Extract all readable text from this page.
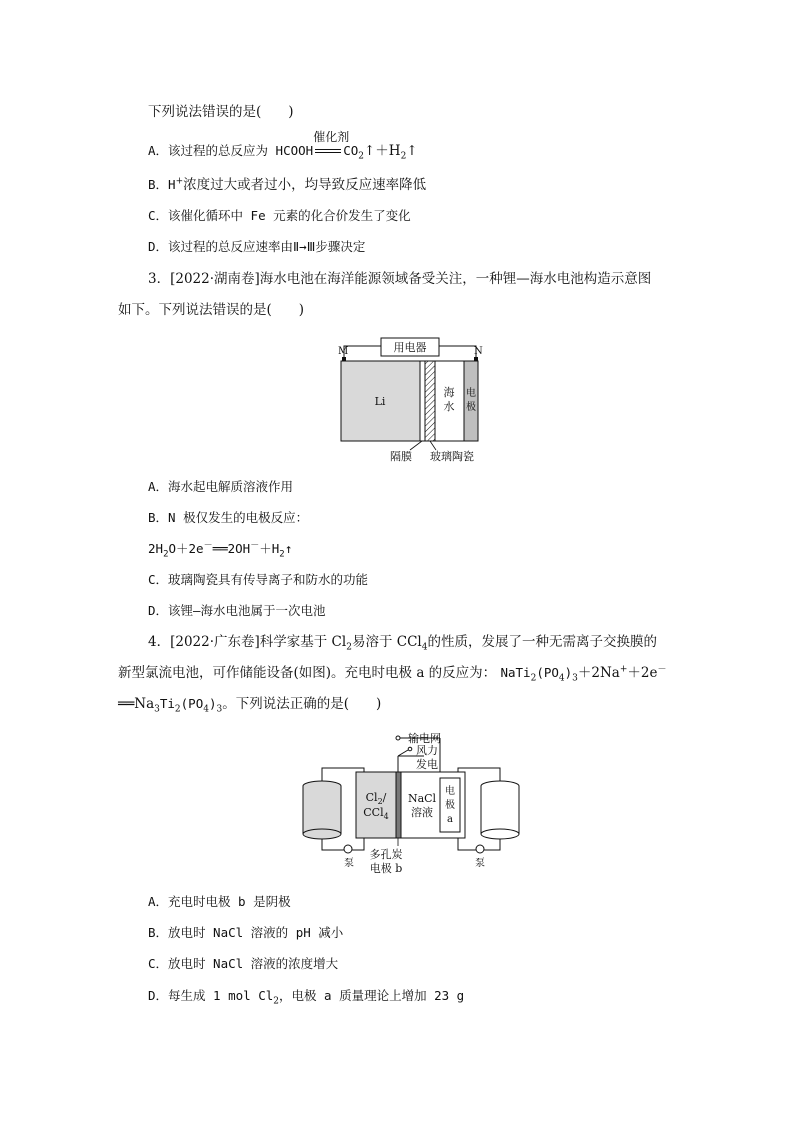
下列说法错误的是(　　)
A．该过程的总反应为 HCOOH
催化剂
$CO_2↑+H_2↑$
B．H+浓度过大或者过小，均导致反应速率降低
C．该催化循环中 Fe 元素的化合价发生了变化
D．该过程的总反应速率由Ⅱ→Ⅲ步骤决定
3．[2022·湖南卷]海水电池在海洋能源领域备受关注，一种锂—海水电池构造示意图
如下。下列说法错误的是(　　)
用电器
M	N
Li
海
水
电
极
隔膜 玻璃陶瓷
A．海水起电解质溶液作用
B．N 极仅发生的电极反应：
$2H_2O+2e^-══2OH^-+H_2↑$
C．玻璃陶瓷具有传导离子和防水的功能
D．该锂—海水电池属于一次电池
4．[2022·广东卷]科学家基于 $Cl_2$易溶于 CCl$_4$的性质，发展了一种无需离子交换膜的
新型氯流电池，可作储能设备(如图)。充电时电极 a 的反应为： $NaTi_2(PO_4)_3+2Na^++2e^-$
$══Na_3Ti_2(PO_4)_3$。下列说法正确的是(　　)
输电网
风力
发电
泵	泵
$Cl_2/$
CCl$_4$
NaCl
溶液
电
极
a
多孔炭
电极 b
A．充电时电极 b 是阴极
B．放电时 NaCl 溶液的 pH 减小
C．放电时 NaCl 溶液的浓度增大
D．每生成 1 mol $Cl_2$，电极 a 质量理论上增加 23 g
